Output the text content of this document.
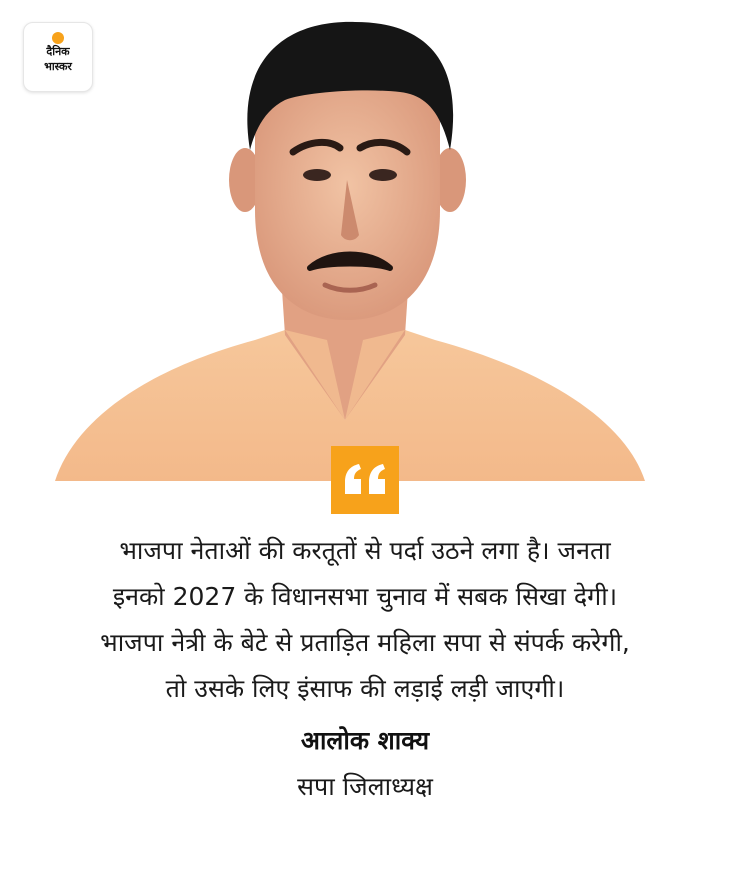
दैनिक
भास्कर
भाजपा नेताओं की करतूतों से पर्दा उठने लगा है। जनता
इनको 2027 के विधानसभा चुनाव में सबक सिखा देगी।
भाजपा नेत्री के बेटे से प्रताड़ित महिला सपा से संपर्क करेगी,
तो उसके लिए इंसाफ की लड़ाई लड़ी जाएगी।
आलोक शाक्य
सपा जिलाध्यक्ष
